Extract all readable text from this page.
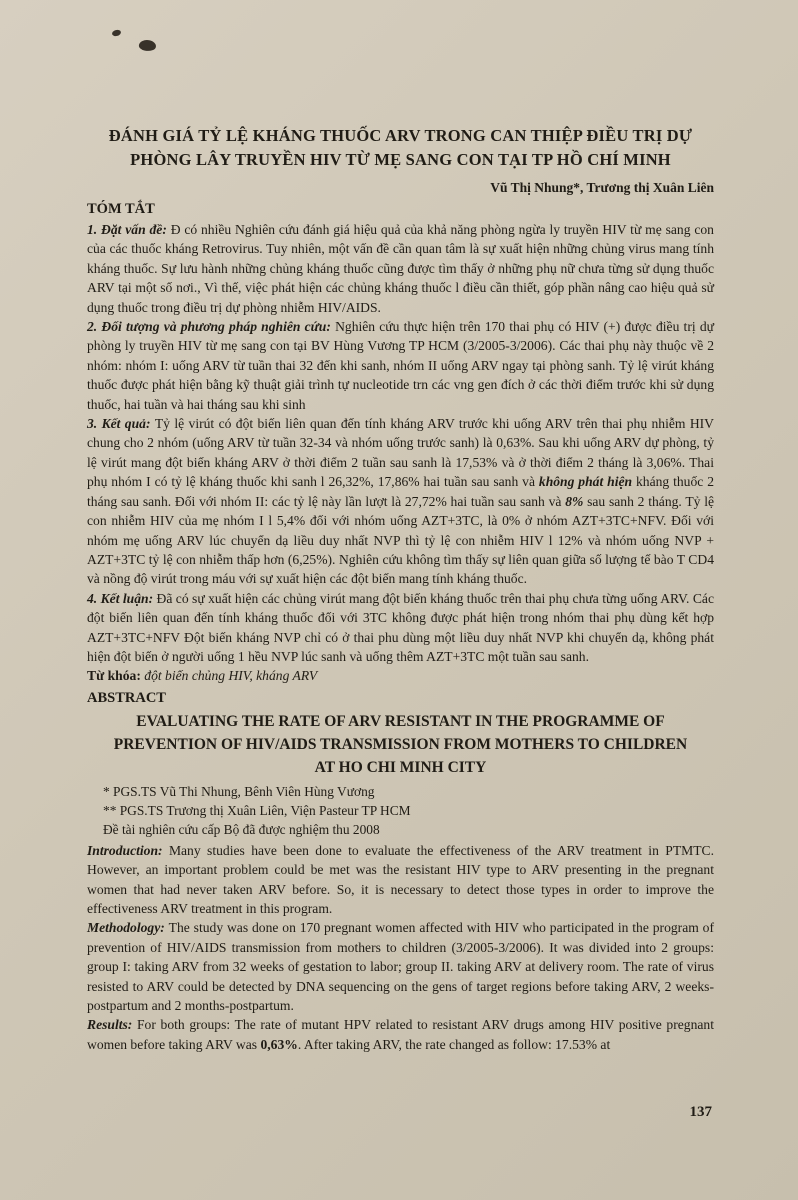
ĐÁNH GIÁ TỶ LỆ KHÁNG THUỐC ARV TRONG CAN THIỆP ĐIỀU TRỊ DỰ
PHÒNG LÂY TRUYỀN HIV TỪ MẸ SANG CON TẠI TP HỒ CHÍ MINH
Vũ Thị Nhung*, Trương thị Xuân Liên
TÓM TẮT

1. Đặt vấn đề: Đ có nhiều Nghiên cứu đánh giá hiệu quả của khả năng phòng ngừa ly truyền HIV từ mẹ sang con của các thuốc kháng Retrovirus. Tuy nhiên, một vấn đề cần quan tâm là sự xuất hiện những chủng virus mang tính kháng thuốc. Sự lưu hành những chủng kháng thuốc cũng được tìm thấy ở những phụ nữ chưa từng sử dụng thuốc ARV tại một số nơi., Vì thế, việc phát hiện các chủng kháng thuốc l điều cần thiết, góp phần nâng cao hiệu quả sử dụng thuốc trong điều trị dự phòng nhiễm HIV/AIDS.

2. Đối tượng và phương pháp nghiên cứu: Nghiên cứu thực hiện trên 170 thai phụ có HIV (+) được điều trị dự phòng ly truyền HIV từ mẹ sang con tại BV Hùng Vương TP HCM (3/2005-3/2006). Các thai phụ này thuộc về 2 nhóm: nhóm I: uống ARV từ tuần thai 32 đến khi sanh, nhóm II uống ARV ngay tại phòng sanh. Tỷ lệ virút kháng thuốc được phát hiện bằng kỹ thuật giải trình tự nucleotide trn các vng gen đích ở các thời điểm trước khi sử dụng thuốc, hai tuần và hai tháng sau khi sinh

3. Kết quả: Tỷ lệ virút có đột biến liên quan đến tính kháng ARV trước khi uống ARV trên thai phụ nhiễm HIV chung cho 2 nhóm (uống ARV từ tuần 32-34 và nhóm uống trước sanh) là 0,63%. Sau khi uống ARV dự phòng, tỷ lệ virút mang đột biến kháng ARV ở thời điểm 2 tuần sau sanh là 17,53% và ở thời điểm 2 tháng là 3,06%. Thai phụ nhóm I có tỷ lệ kháng thuốc khi sanh l 26,32%, 17,86% hai tuần sau sanh và không phát hiện kháng thuốc 2 tháng sau sanh. Đối với nhóm II: các tỷ lệ này lần lượt là 27,72% hai tuần sau sanh và 8% sau sanh 2 tháng. Tỷ lệ con nhiễm HIV của mẹ nhóm I l 5,4% đối với nhóm uống AZT+3TC, là 0% ở nhóm AZT+3TC+NFV. Đối với nhóm mẹ uống ARV lúc chuyển dạ liều duy nhất NVP thì tỷ lệ con nhiễm HIV l 12% và nhóm uống NVP + AZT+3TC tỷ lệ con nhiễm thấp hơn (6,25%). Nghiên cứu không tìm thấy sự liên quan giữa số lượng tế bào T CD4 và nồng độ virút trong máu với sự xuất hiện các đột biến mang tính kháng thuốc.

4. Kết luận: Đã có sự xuất hiện các chủng virút mang đột biến kháng thuốc trên thai phụ chưa từng uống ARV. Các đột biến liên quan đến tính kháng thuốc đối với 3TC không được phát hiện trong nhóm thai phụ dùng kết hợp AZT+3TC+NFV Đột biến kháng NVP chỉ có ở thai phu dùng một liều duy nhất NVP khi chuyển dạ, không phát hiện đột biến ở người uống 1 hều NVP lúc sanh và uống thêm AZT+3TC một tuần sau sanh.

Từ khóa: đột biến chủng HIV, kháng ARV

ABSTRACT
EVALUATING THE RATE OF ARV RESISTANT IN THE PROGRAMME OF
PREVENTION OF HIV/AIDS TRANSMISSION FROM MOTHERS TO CHILDREN
AT HO CHI MINH CITY
* PGS.TS Vũ Thi Nhung, Bênh Viên Hùng Vương
** PGS.TS Trương thị Xuân Liên, Viện Pasteur TP HCM
Đề tài nghiên cứu cấp Bộ đã được nghiệm thu 2008

Introduction: Many studies have been done to evaluate the effectiveness of the ARV treatment in PTMTC. However, an important problem could be met was the resistant HIV type to ARV presenting in the pregnant women that had never taken ARV before. So, it is necessary to detect those types in order to improve the effectiveness ARV treatment in this program.

Methodology: The study was done on 170 pregnant women affected with HIV who participated in the program of prevention of HIV/AIDS transmission from mothers to children (3/2005-3/2006). It was divided into 2 groups: group I: taking ARV from 32 weeks of gestation to labor; group II. taking ARV at delivery room. The rate of virus resisted to ARV could be detected by DNA sequencing on the gens of target regions before taking ARV, 2 weeks- postpartum and 2 months-postpartum.

Results: For both groups: The rate of mutant HPV related to resistant ARV drugs among HIV positive pregnant women before taking ARV was 0,63%. After taking ARV, the rate changed as follow: 17.53% at

137
